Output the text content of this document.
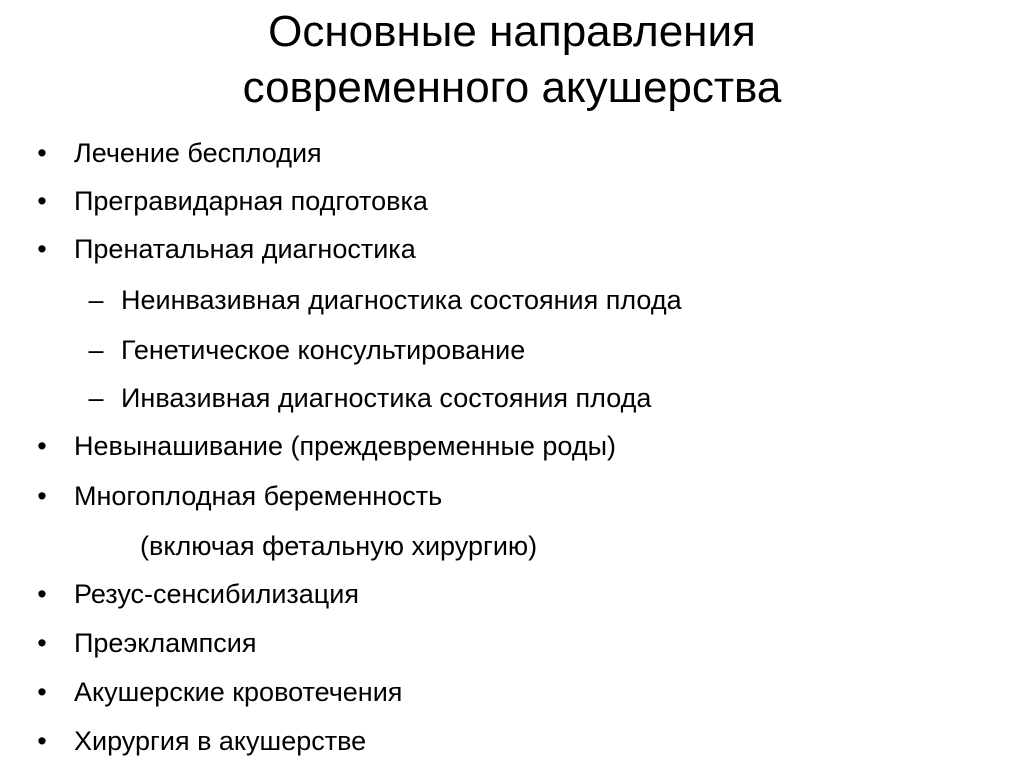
Основные направления
современного акушерства
• Лечение бесплодия
• Прегравидарная подготовка
• Пренатальная диагностика
– Неинвазивная диагностика состояния плода
– Генетическое консультирование
– Инвазивная диагностика состояния плода
• Невынашивание (преждевременные роды)
• Многоплодная беременность
(включая фетальную хирургию)
• Резус-сенсибилизация
• Преэклампсия
• Акушерские кровотечения
• Хирургия в акушерстве
